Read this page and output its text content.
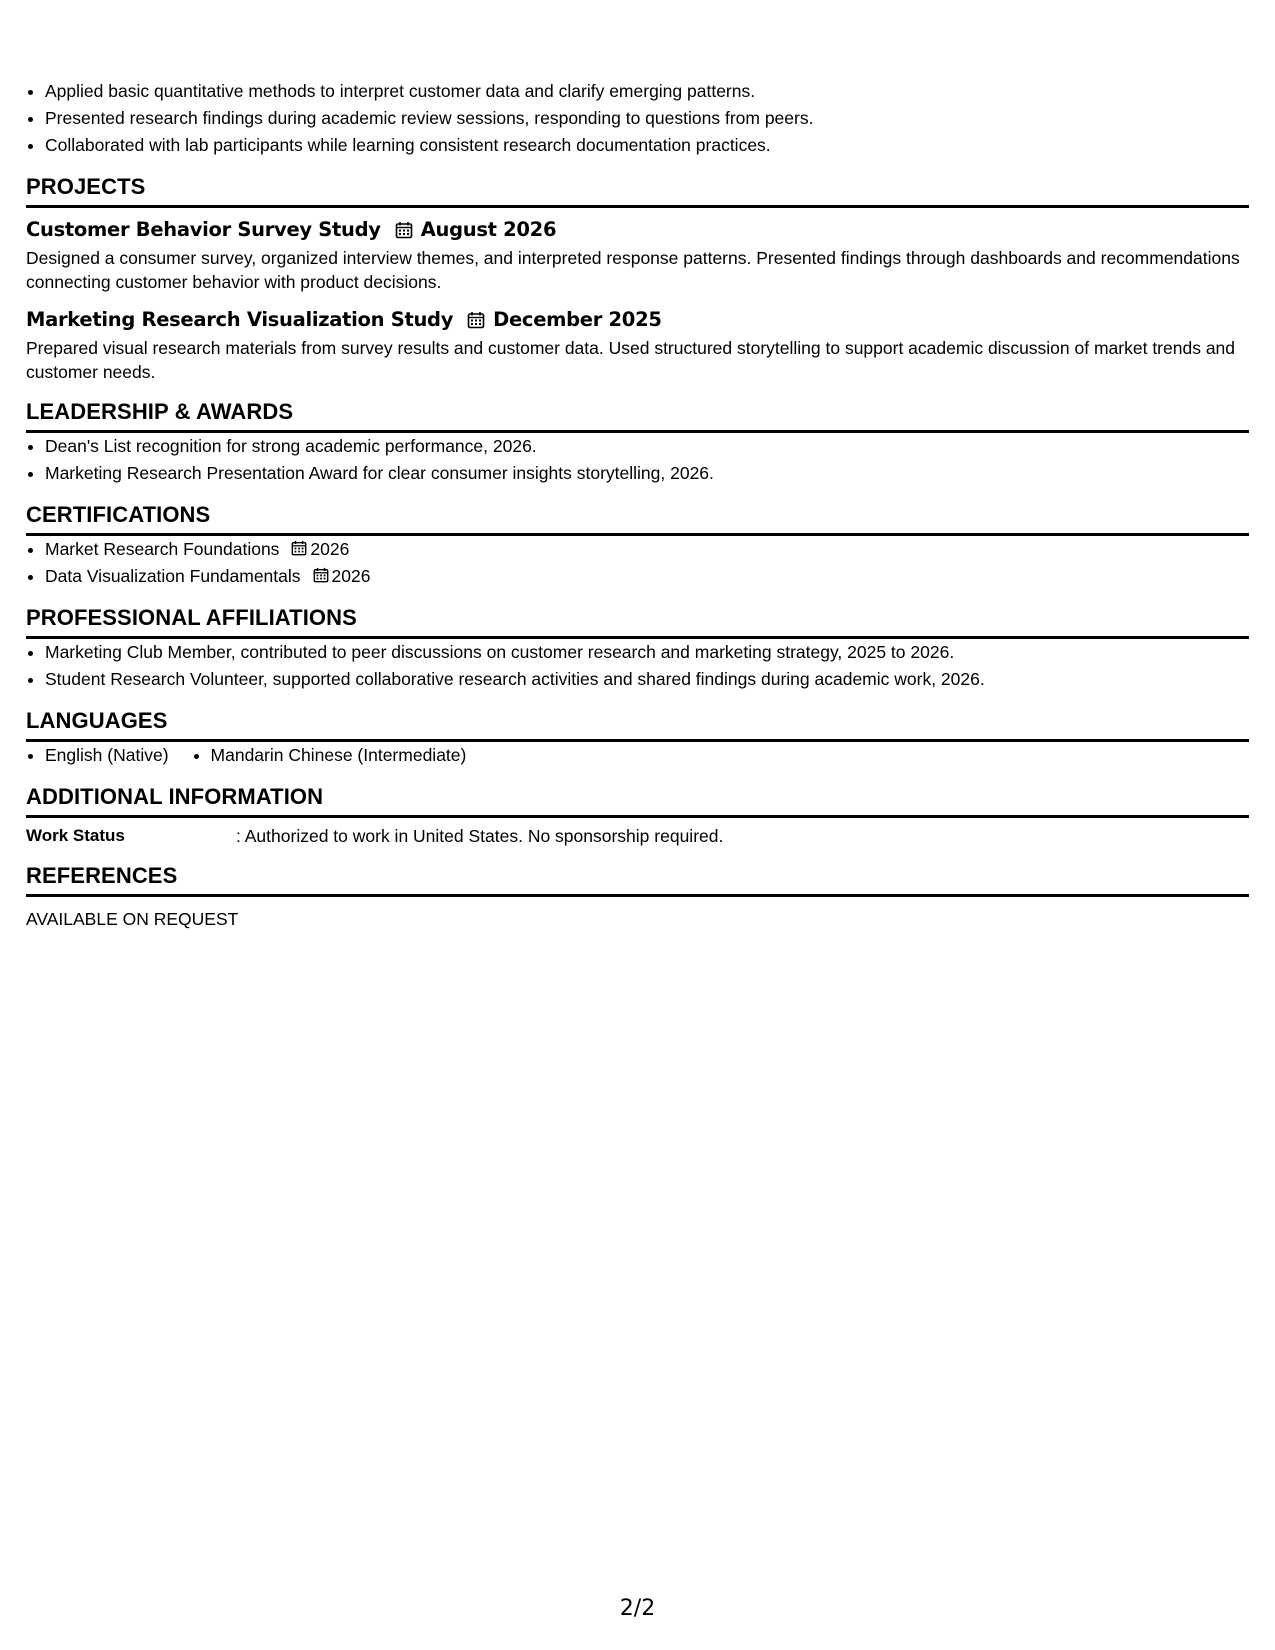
• Applied basic quantitative methods to interpret customer data and clarify emerging patterns.
• Presented research findings during academic review sessions, responding to questions from peers.
• Collaborated with lab participants while learning consistent research documentation practices.
PROJECTS
Customer Behavior Survey Study August 2026
Designed a consumer survey, organized interview themes, and interpreted response patterns. Presented findings through dashboards and recommendations connecting customer behavior with product decisions.
Marketing Research Visualization Study December 2025
Prepared visual research materials from survey results and customer data. Used structured storytelling to support academic discussion of market trends and customer needs.
LEADERSHIP & AWARDS
• Dean's List recognition for strong academic performance, 2026.
• Marketing Research Presentation Award for clear consumer insights storytelling, 2026.
CERTIFICATIONS
• Market Research Foundations 2026
• Data Visualization Fundamentals 2026
PROFESSIONAL AFFILIATIONS
• Marketing Club Member, contributed to peer discussions on customer research and marketing strategy, 2025 to 2026.
• Student Research Volunteer, supported collaborative research activities and shared findings during academic work, 2026.
LANGUAGES
• English (Native)
• Mandarin Chinese (Intermediate)
ADDITIONAL INFORMATION
Work Status	: Authorized to work in United States. No sponsorship required.
REFERENCES
AVAILABLE ON REQUEST
2/2
